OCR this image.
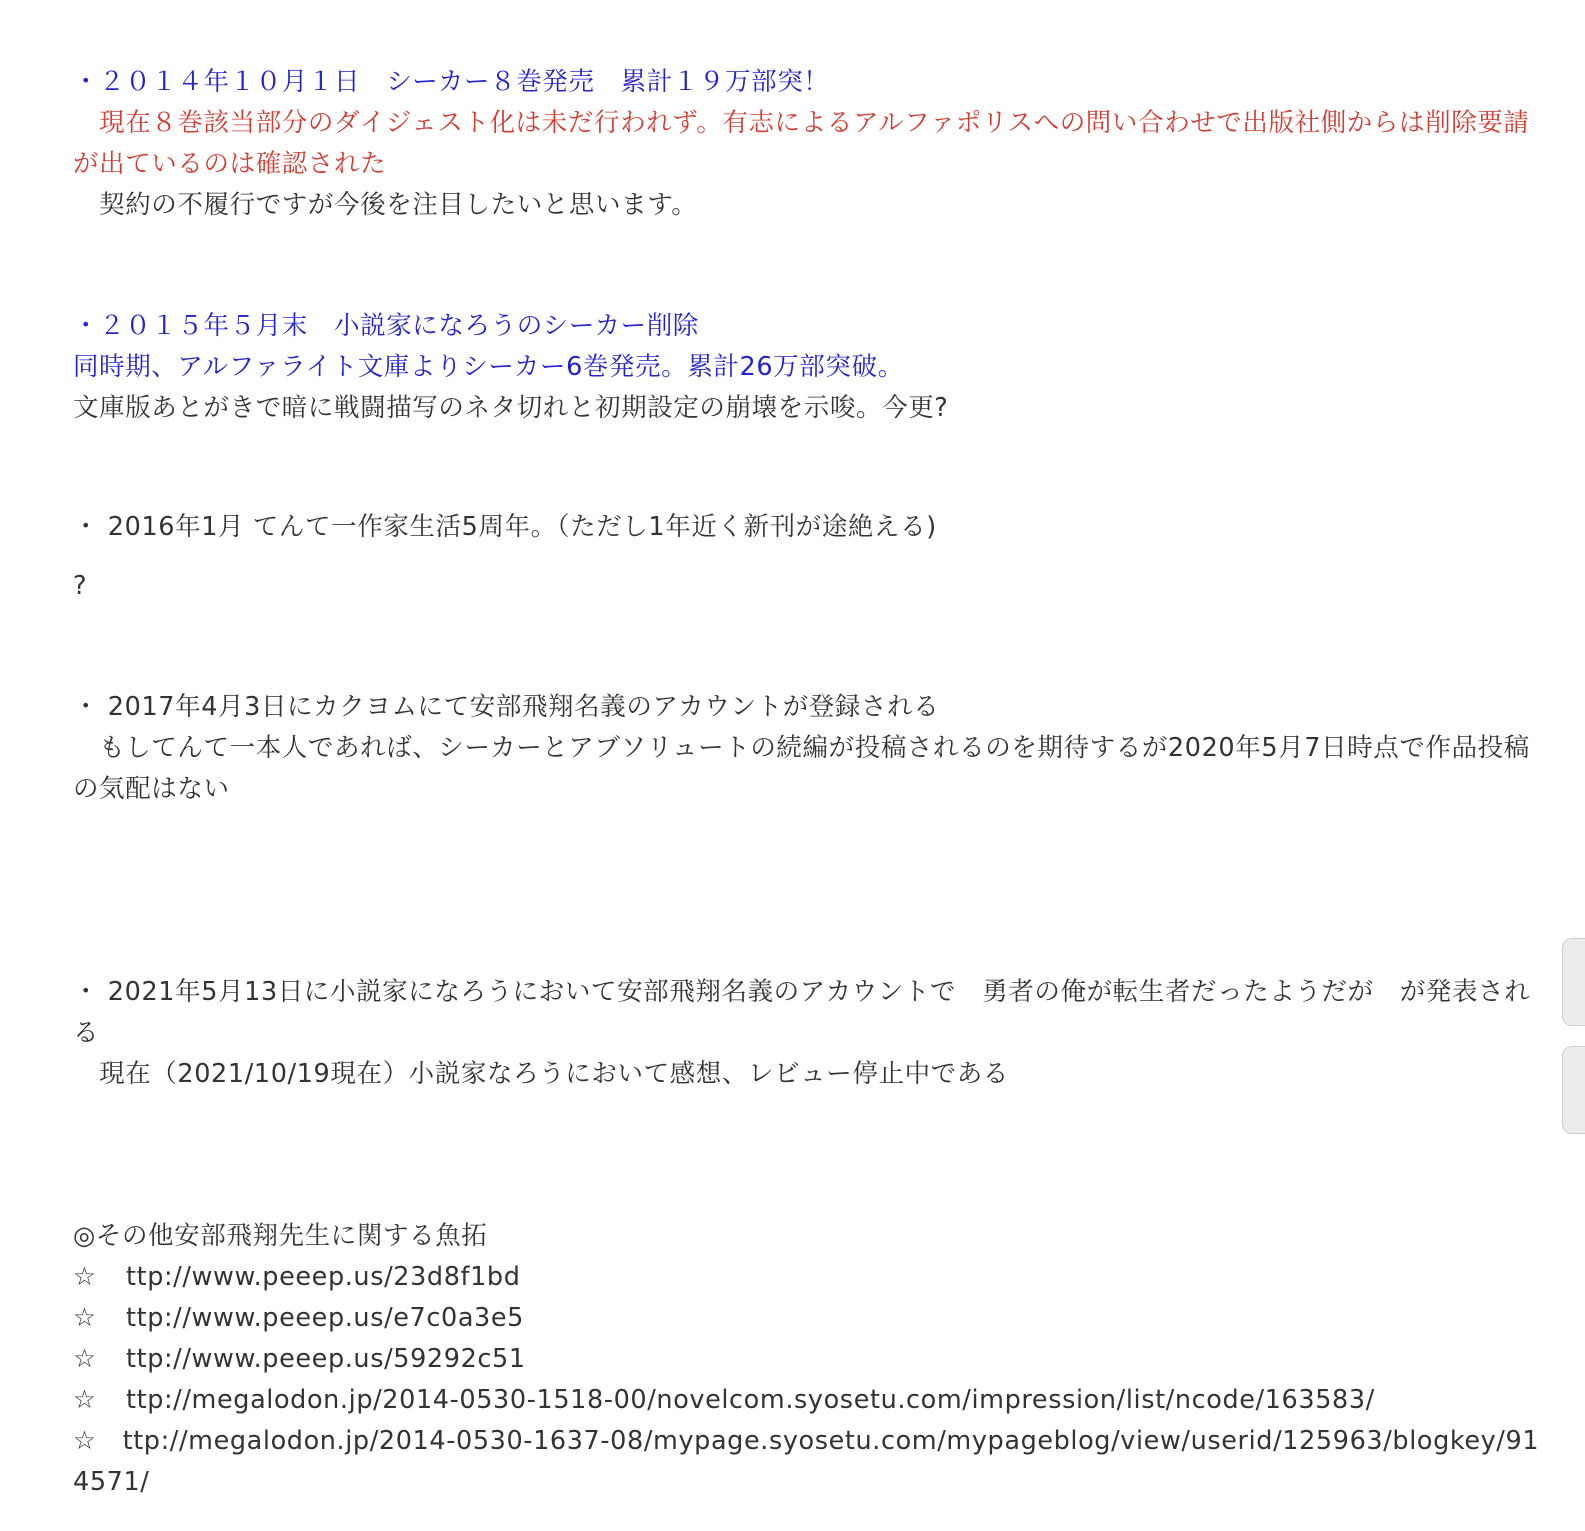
・２０１４年１０月１日　シーカー８巻発売　累計１９万部突！

　現在８巻該当部分のダイジェスト化は未だ行われず。有志によるアルファポリスへの問い合わせで出版社側からは削除要請が出ているのは確認された

　契約の不履行ですが今後を注目したいと思います。

・２０１５年５月末　小説家になろうのシーカー削除

同時期、アルファライト文庫よりシーカー6巻発売。累計26万部突破。

文庫版あとがきで暗に戦闘描写のネタ切れと初期設定の崩壊を示唆。今更?

・ 2016年1月 てんて一作家生活5周年。（ただし1年近く新刊が途絶える)

?

・ 2017年4月3日にカクヨムにて安部飛翔名義のアカウントが登録される

　もしてんて一本人であれば、シーカーとアブソリュートの続編が投稿されるのを期待するが2020年5月7日時点で作品投稿の気配はない

・ 2021年5月13日に小説家になろうにおいて安部飛翔名義のアカウントで　勇者の俺が転生者だったようだが　が発表される

　現在（2021/10/19現在）小説家なろうにおいて感想、レビュー停止中である

◎その他安部飛翔先生に関する魚拓

☆	ttp://www.peeep.us/23d8f1bd
☆	ttp://www.peeep.us/e7c0a3e5
☆	ttp://www.peeep.us/59292c51
☆	ttp://megalodon.jp/2014-0530-1518-00/novelcom.syosetu.com/impression/list/ncode/163583/

☆ ttp://megalodon.jp/2014-0530-1637-08/mypage.syosetu.com/mypageblog/view/userid/125963/blogkey/914571/
